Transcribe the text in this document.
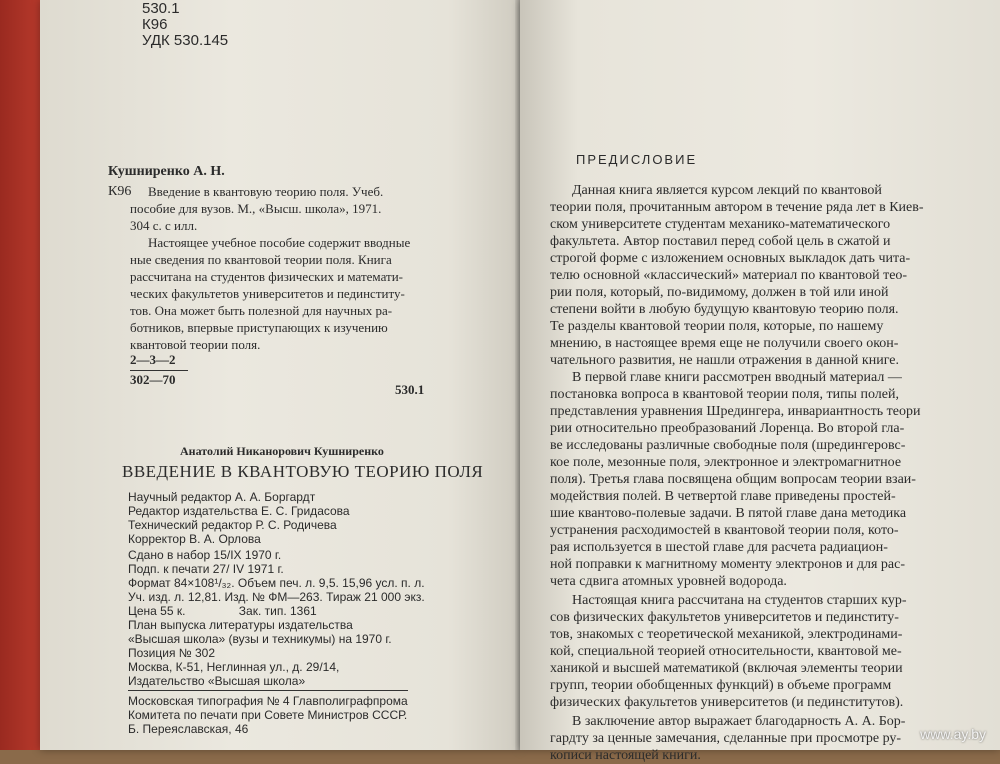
530.1
К96
УДК 530.145
Кушниренко А. Н.
К96 Введение в квантовую теорию поля. Учеб.
пособие для вузов. М., «Высш. школа», 1971.
304 с. с илл.
Настоящее учебное пособие содержит вводные
ные сведения по квантовой теории поля. Книга
рассчитана на студентов физических и математи-
ческих факультетов университетов и пединститу-
тов. Она может быть полезной для научных ра-
ботников, впервые приступающих к изучению
квантовой теории поля.
2—3—2
302—70
530.1
Анатолий Никанорович Кушниренко
ВВЕДЕНИЕ В КВАНТОВУЮ ТЕОРИЮ ПОЛЯ
Научный редактор А. А. Боргардт
Редактор издательства Е. С. Гридасова
Технический редактор Р. С. Родичева
Корректор В. А. Орлова
Сдано в набор 15/IX 1970 г.
Подп. к печати 27/ IV 1971 г.
Формат 84×108¹/₃₂. Объем печ. л. 9,5. 15,96 усл. п. л.
Уч. изд. л. 12,81. Изд. № ФМ—263. Тираж 21 000 экз.
Цена 55 к.                Зак. тип. 1361
План выпуска литературы издательства
«Высшая школа» (вузы и техникумы) на 1970 г.
Позиция № 302
Москва, К-51, Неглинная ул., д. 29/14,
Издательство «Высшая школа»
Московская типография № 4 Главполиграфпрома
Комитета по печати при Совете Министров СССР.
Б. Переяславская, 46
ПРЕДИСЛОВИЕ
Данная книга является курсом лекций по квантовой
теории поля, прочитанным автором в течение ряда лет в Киев-
ском университете студентам механико-математического
факультета. Автор поставил перед собой цель в сжатой и
строгой форме с изложением основных выкладок дать чита-
телю основной «классический» материал по квантовой тео-
рии поля, который, по-видимому, должен в той или иной
степени войти в любую будущую квантовую теорию поля.
Те разделы квантовой теории поля, которые, по нашему
мнению, в настоящее время еще не получили своего окон-
чательного развития, не нашли отражения в данной книге.
В первой главе книги рассмотрен вводный материал —
постановка вопроса в квантовой теории поля, типы полей,
представления уравнения Шредингера, инвариантность теори
рии относительно преобразований Лоренца. Во второй гла-
ве исследованы различные свободные поля (шредингеровс-
кое поле, мезонные поля, электронное и электромагнитное
поля). Третья глава посвящена общим вопросам теории взаи-
модействия полей. В четвертой главе приведены простей-
шие квантово-полевые задачи. В пятой главе дана методика
устранения расходимостей в квантовой теории поля, кото-
рая используется в шестой главе для расчета радиацион-
ной поправки к магнитному моменту электронов и для рас-
чета сдвига атомных уровней водорода.
Настоящая книга рассчитана на студентов старших кур-
сов физических факультетов университетов и пединститу-
тов, знакомых с теоретической механикой, электродинами-
кой, специальной теорией относительности, квантовой ме-
ханикой и высшей математикой (включая элементы теории
групп, теории обобщенных функций) в объеме программ
физических факультетов университетов (и пединститутов).
В заключение автор выражает благодарность А. А. Бор-
гардту за ценные замечания, сделанные при просмотре ру-
кописи настоящей книги.
www.ay.by
